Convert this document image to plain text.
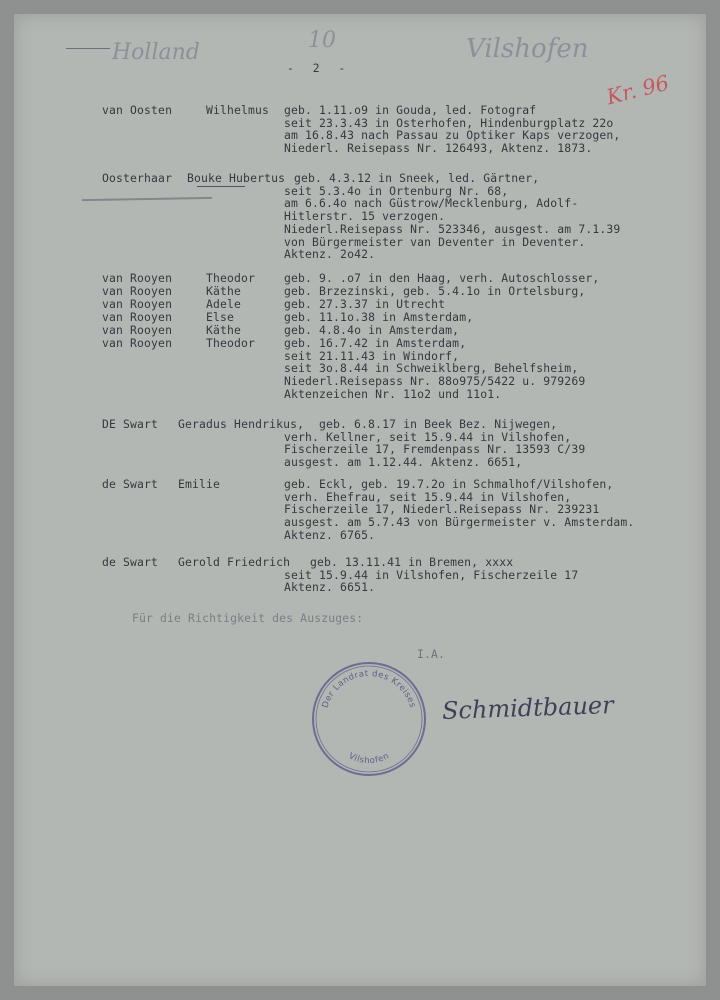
Holland	10	Vilshofen
Kr. 96
- 2 -
van Oosten	Wilhelmus geb. 1.11.o9 in Gouda, led. Fotograf
seit 23.3.43 in Osterhofen, Hindenburgplatz 22o
am 16.8.43 nach Passau zu Optiker Kaps verzogen,
Niederl. Reisepass Nr. 126493, Aktenz. 1873.
Oosterhaar Bouke Hubertus geb. 4.3.12 in Sneek, led. Gärtner,
seit 5.3.4o in Ortenburg Nr. 68,
am 6.6.4o nach Güstrow/Mecklenburg, Adolf-
Hitlerstr. 15 verzogen.
Niederl.Reisepass Nr. 523346, ausgest. am 7.1.39
von Bürgermeister van Deventer in Deventer.
Aktenz. 2o42.
van Rooyen	Theodor	geb. 9. .o7 in den Haag, verh. Autoschlosser,
van Rooyen	Käthe	geb. Brzezinski, geb. 5.4.1o in Ortelsburg,
van Rooyen	Adele	geb. 27.3.37 in Utrecht
van Rooyen	Else	geb. 11.1o.38 in Amsterdam,
van Rooyen	Käthe	geb. 4.8.4o in Amsterdam,
van Rooyen	Theodor	geb. 16.7.42 in Amsterdam,
seit 21.11.43 in Windorf,
seit 3o.8.44 in Schweiklberg, Behelfsheim,
Niederl.Reisepass Nr. 88o975/5422 u. 979269
Aktenzeichen Nr. 11o2 und 11o1.
DE Swart Geradus Hendrikus, geb. 6.8.17 in Beek Bez. Nijwegen,
verh. Kellner, seit 15.9.44 in Vilshofen,
Fischerzeile 17, Fremdenpass Nr. 13593 C/39
ausgest. am 1.12.44. Aktenz. 6651,
de Swart Emilie	geb. Eckl, geb. 19.7.2o in Schmalhof/Vilshofen,
verh. Ehefrau, seit 15.9.44 in Vilshofen,
Fischerzeile 17, Niederl.Reisepass Nr. 239231
ausgest. am 5.7.43 von Bürgermeister v. Amsterdam.
Aktenz. 6765.
de Swart Gerold Friedrich geb. 13.11.41 in Bremen, xxxx
seit 15.9.44 in Vilshofen, Fischerzeile 17
Aktenz. 6651.
Für die Richtigkeit des Auszuges:
I.A.
Der Landrat des Kreises
Vilshofen
Schmidtbauer
